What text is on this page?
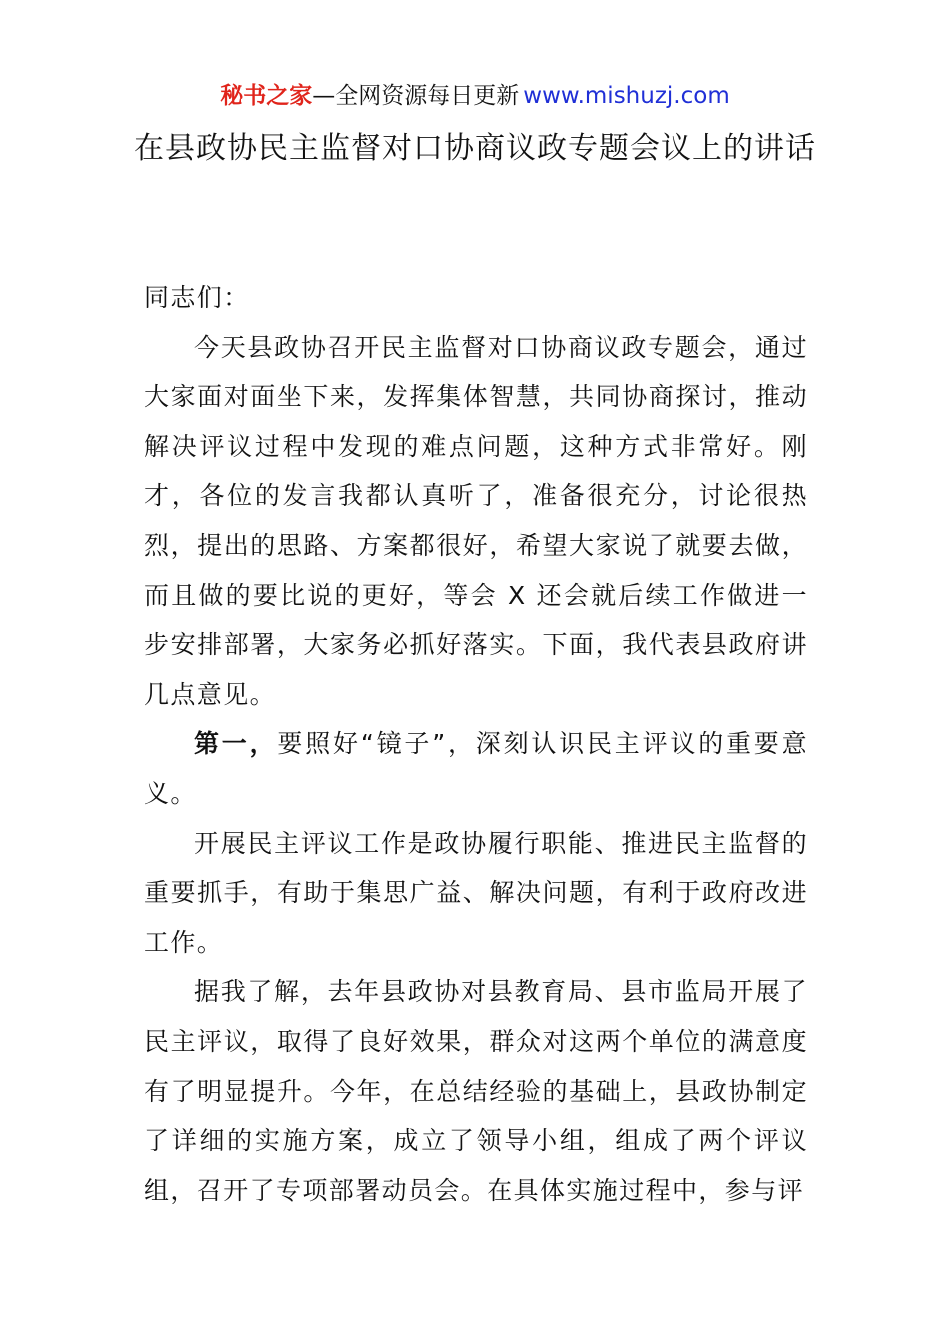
秘书之家—全网资源每日更新 www.mishuzj.com
在县政协民主监督对口协商议政专题会议上的讲话

同志们：

今天县政协召开民主监督对口协商议政专题会，通过大家面对面坐下来，发挥集体智慧，共同协商探讨，推动解决评议过程中发现的难点问题，这种方式非常好。刚才，各位的发言我都认真听了，准备很充分，讨论很热烈，提出的思路、方案都很好，希望大家说了就要去做，而且做的要比说的更好，等会 X 还会就后续工作做进一步安排部署，大家务必抓好落实。下面，我代表县政府讲几点意见。

第一，要照好“镜子”，深刻认识民主评议的重要意义。

开展民主评议工作是政协履行职能、推进民主监督的重要抓手，有助于集思广益、解决问题，有利于政府改进工作。

据我了解，去年县政协对县教育局、县市监局开展了民主评议，取得了良好效果，群众对这两个单位的满意度有了明显提升。今年，在总结经验的基础上，县政协制定了详细的实施方案，成立了领导小组，组成了两个评议组，召开了专项部署动员会。在具体实施过程中，参与评
